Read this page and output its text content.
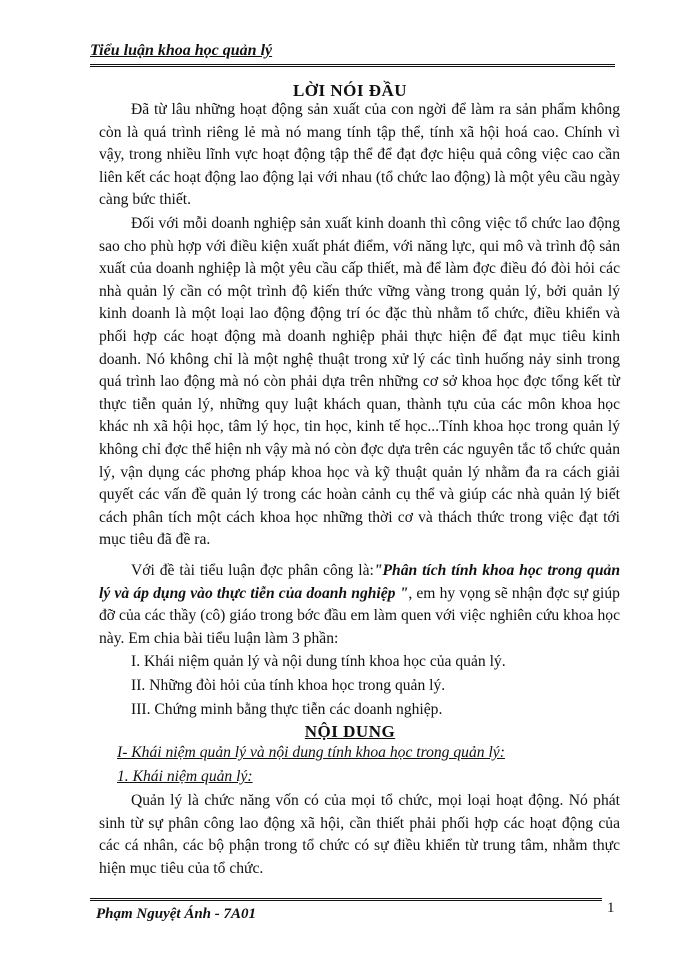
Tiểu luận khoa học quản lý
LỜI NÓI ĐẦU

Đã từ lâu những hoạt động sản xuất của con ngời để làm ra sản phẩm không còn là quá trình riêng lẻ mà nó mang tính tập thể, tính xã hội hoá cao. Chính vì vậy, trong nhiều lĩnh vực hoạt động tập thể để đạt đợc hiệu quả công việc cao cần liên kết các hoạt động lao động lại với nhau (tổ chức lao động) là một yêu cầu ngày càng bức thiết.

Đối với mỗi doanh nghiệp sản xuất kinh doanh thì công việc tổ chức lao động sao cho phù hợp với điều kiện xuất phát điểm, với năng lực, qui mô và trình độ sản xuất của doanh nghiệp là một yêu cầu cấp thiết, mà để làm đợc điều đó đòi hỏi các nhà quản lý cần có một trình độ kiến thức vững vàng trong quản lý, bởi quản lý kinh doanh là một loại lao động động trí óc đặc thù nhằm tổ chức, điều khiển và phối hợp các hoạt động mà doanh nghiệp phải thực hiện để đạt mục tiêu kinh doanh. Nó không chỉ là một nghệ thuật trong xử lý các tình huống nảy sinh trong quá trình lao động mà nó còn phải dựa trên những cơ sở khoa học đợc tổng kết từ thực tiễn quản lý, những quy luật khách quan, thành tựu của các môn khoa học khác nh xã hội học, tâm lý học, tin học, kinh tế học...Tính khoa học trong quản lý không chỉ đợc thể hiện nh vậy mà nó còn đợc dựa trên các nguyên tắc tổ chức quản lý, vận dụng các phơng pháp khoa học và kỹ thuật quản lý nhằm đa ra cách giải quyết các vấn đề quản lý trong các hoàn cảnh cụ thể và giúp các nhà quản lý biết cách phân tích một cách khoa học những thời cơ và thách thức trong việc đạt tới mục tiêu đã đề ra.

Với đề tài tiểu luận đợc phân công là:"Phân tích tính khoa học trong quản lý và áp dụng vào thực tiễn của doanh nghiệp ", em hy vọng sẽ nhận đợc sự giúp đỡ của các thầy (cô) giáo trong bớc đầu em làm quen với việc nghiên cứu khoa học này. Em chia bài tiểu luận làm 3 phần:

I. Khái niệm quản lý và nội dung tính khoa học của quản lý.
II. Những đòi hỏi của tính khoa học trong quản lý.
III. Chứng minh bằng thực tiễn các doanh nghiệp.
NỘI DUNG
I- Khái niệm quản lý và nội dung tính khoa học trong quản lý:
1. Khái niệm quản lý:

Quản lý là chức năng vốn có của mọi tổ chức, mọi loại hoạt động. Nó phát sinh từ sự phân công lao động xã hội, cần thiết phải phối hợp các hoạt động của các cá nhân, các bộ phận trong tổ chức có sự điều khiển từ trung tâm, nhằm thực hiện mục tiêu của tổ chức.

Phạm Nguyệt Ánh - 7A01	1
